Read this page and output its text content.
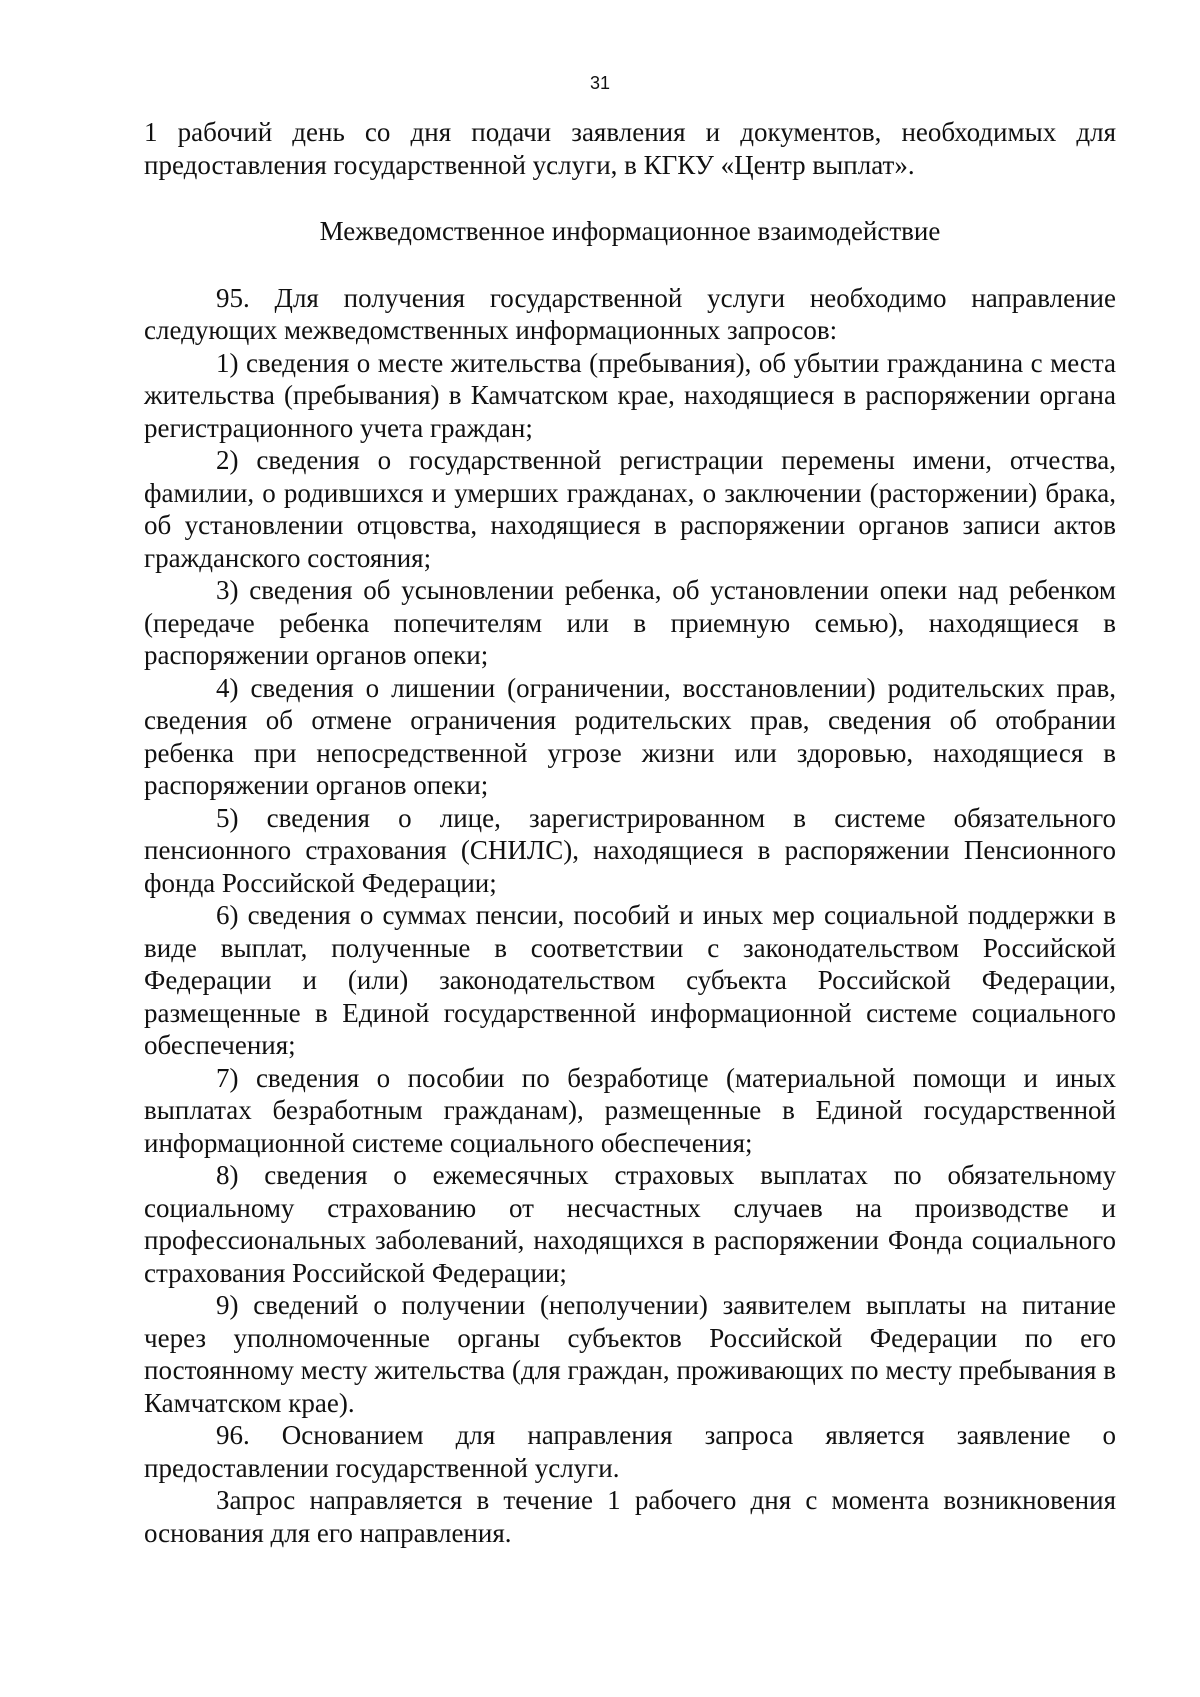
31

1 рабочий день со дня подачи заявления и документов, необходимых для предоставления государственной услуги, в КГКУ «Центр выплат».

Межведомственное информационное взаимодействие

95. Для получения государственной услуги необходимо направление следующих межведомственных информационных запросов:

1) сведения о месте жительства (пребывания), об убытии гражданина с места жительства (пребывания) в Камчатском крае, находящиеся в распоряжении органа регистрационного учета граждан;

2) сведения о государственной регистрации перемены имени, отчества, фамилии, о родившихся и умерших гражданах, о заключении (расторжении) брака, об установлении отцовства, находящиеся в распоряжении органов записи актов гражданского состояния;

3) сведения об усыновлении ребенка, об установлении опеки над ребенком (передаче ребенка попечителям или в приемную семью), находящиеся в распоряжении органов опеки;

4) сведения о лишении (ограничении, восстановлении) родительских прав, сведения об отмене ограничения родительских прав, сведения об отобрании ребенка при непосредственной угрозе жизни или здоровью, находящиеся в распоряжении органов опеки;

5) сведения о лице, зарегистрированном в системе обязательного пенсионного страхования (СНИЛС), находящиеся в распоряжении Пенсионного фонда Российской Федерации;

6) сведения о суммах пенсии, пособий и иных мер социальной поддержки в виде выплат, полученные в соответствии с законодательством Российской Федерации и (или) законодательством субъекта Российской Федерации, размещенные в Единой государственной информационной системе социального обеспечения;

7) сведения о пособии по безработице (материальной помощи и иных выплатах безработным гражданам), размещенные в Единой государственной информационной системе социального обеспечения;

8) сведения о ежемесячных страховых выплатах по обязательному социальному страхованию от несчастных случаев на производстве и профессиональных заболеваний, находящихся в распоряжении Фонда социального страхования Российской Федерации;

9) сведений о получении (неполучении) заявителем выплаты на питание через уполномоченные органы субъектов Российской Федерации по его постоянному месту жительства (для граждан, проживающих по месту пребывания в Камчатском крае).

96. Основанием для направления запроса является заявление о предоставлении государственной услуги.

Запрос направляется в течение 1 рабочего дня с момента возникновения основания для его направления.
